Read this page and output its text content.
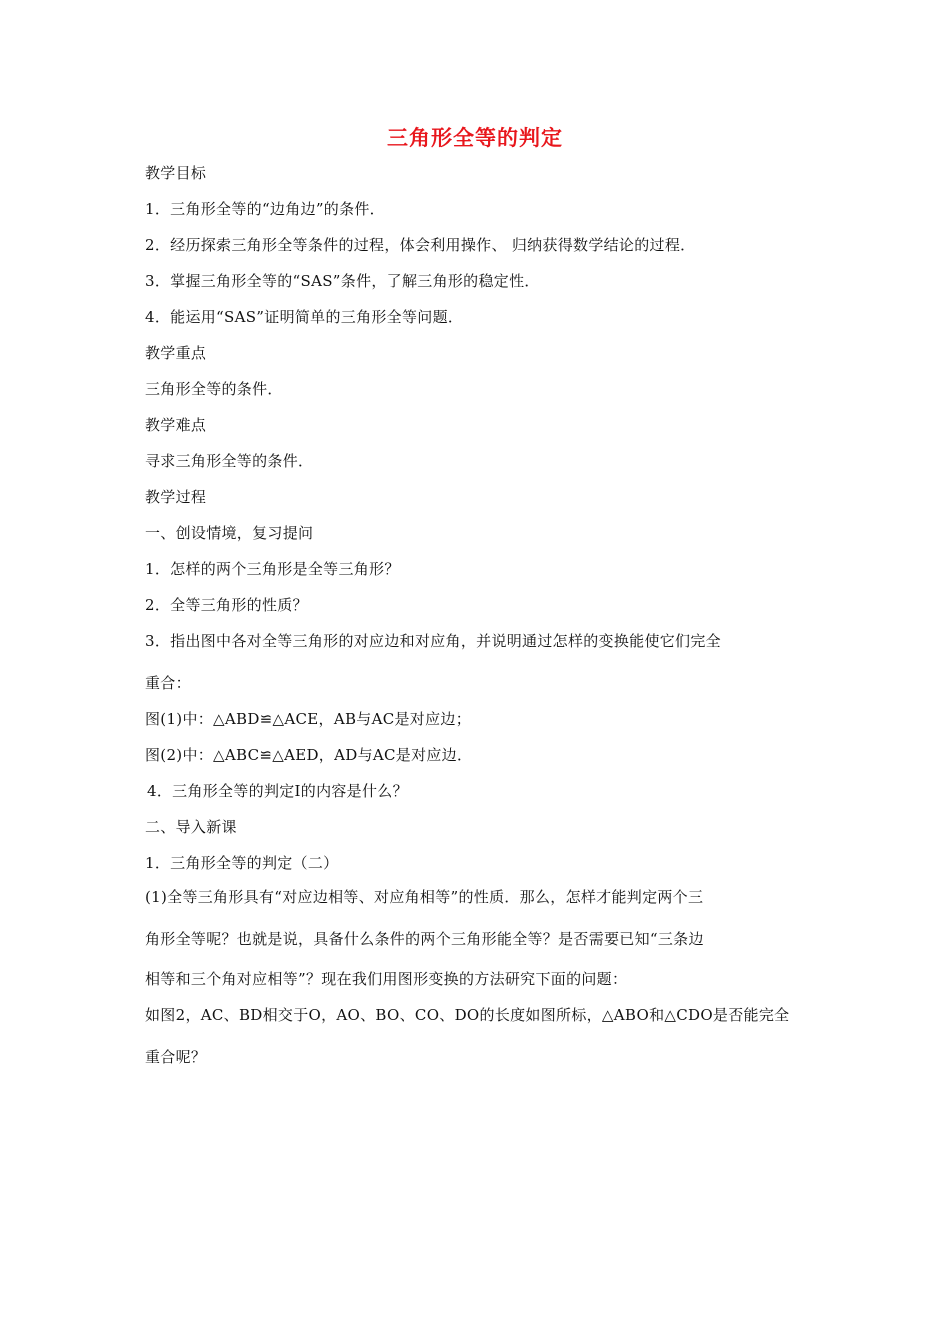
三角形全等的判定
教学目标
1．三角形全等的“边角边”的条件．
2．经历探索三角形全等条件的过程，体会利用操作、 归纳获得数学结论的过程．
3．掌握三角形全等的“SAS”条件，了解三角形的稳定性．
4．能运用“SAS”证明简单的三角形全等问题．
教学重点
三角形全等的条件．
教学难点
寻求三角形全等的条件．
教学过程
一、创设情境，复习提问
1．怎样的两个三角形是全等三角形？
2．全等三角形的性质？
3．指出图中各对全等三角形的对应边和对应角，并说明通过怎样的变换能使它们完全
重合：
图(1)中：△ABD≌△ACE，AB与AC是对应边；
图(2)中：△ABC≌△AED，AD与AC是对应边．
4．三角形全等的判定Ⅰ的内容是什么？
二、导入新课
1．三角形全等的判定（二）
(1)全等三角形具有“对应边相等、对应角相等”的性质．那么，怎样才能判定两个三
角形全等呢？也就是说，具备什么条件的两个三角形能全等？是否需要已知“三条边
相等和三个角对应相等”？现在我们用图形变换的方法研究下面的问题：
如图2，AC、BD相交于O，AO、BO、CO、DO的长度如图所标，△ABO和△CDO是否能完全
重合呢？
